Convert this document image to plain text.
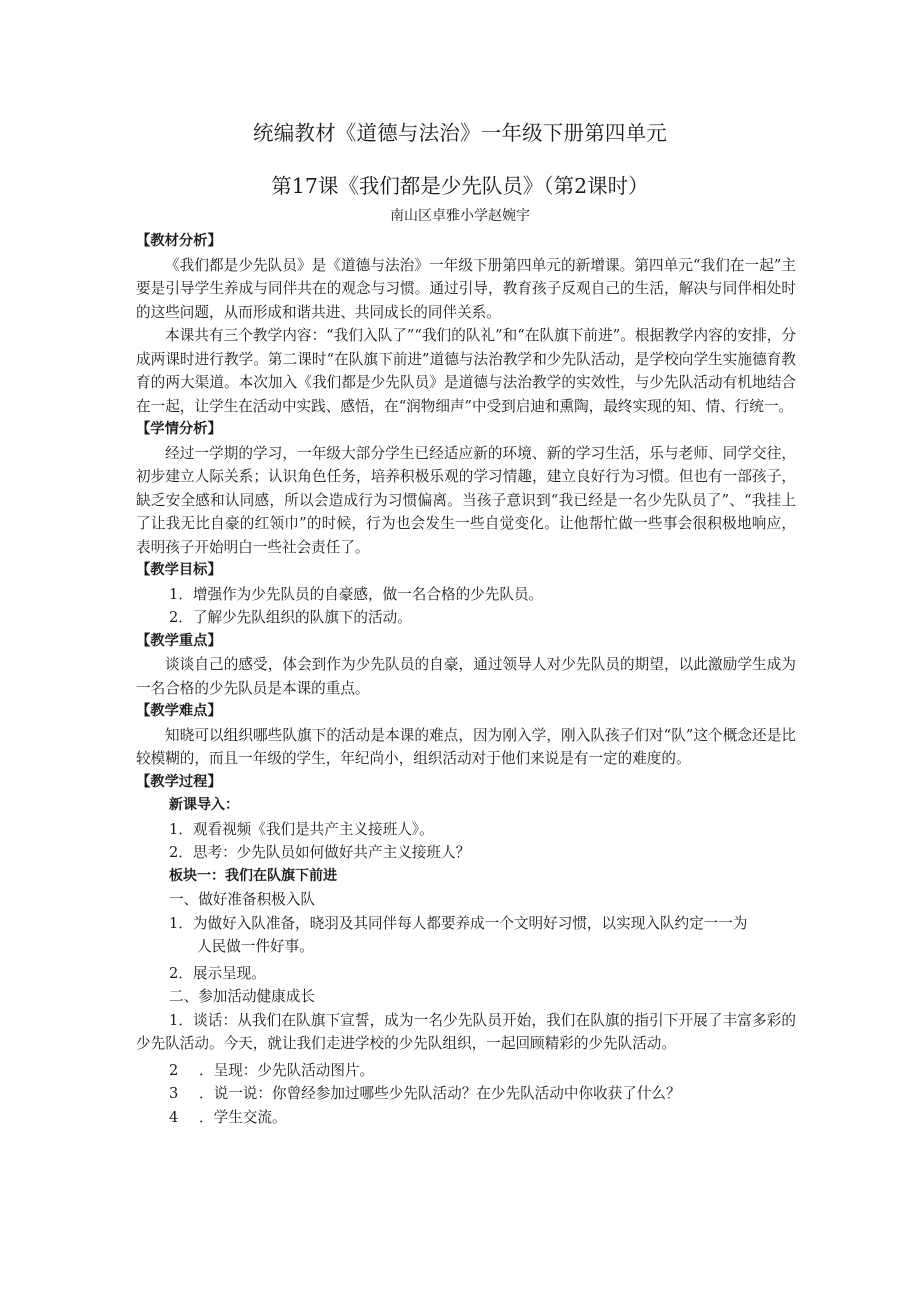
统编教材《道德与法治》一年级下册第四单元
第17课《我们都是少先队员》（第2课时）
南山区卓雅小学赵婉宇

【教材分析】

《我们都是少先队员》是《道德与法治》一年级下册第四单元的新增课。第四单元“我们在一起”主要是引导学生养成与同伴共在的观念与习惯。通过引导，教育孩子反观自己的生活，解决与同伴相处时的这些问题，从而形成和谐共进、共同成长的同伴关系。

本课共有三个教学内容：“我们入队了”“我们的队礼”和“在队旗下前进”。根据教学内容的安排，分成两课时进行教学。第二课时“在队旗下前进”道德与法治教学和少先队活动，是学校向学生实施德育教育的两大渠道。本次加入《我们都是少先队员》是道德与法治教学的实效性，与少先队活动有机地结合在一起，让学生在活动中实践、感悟，在“润物细声”中受到启迪和熏陶，最终实现的知、情、行统一。

【学情分析】

经过一学期的学习，一年级大部分学生已经适应新的环境、新的学习生活，乐与老师、同学交往，初步建立人际关系；认识角色任务，培养积极乐观的学习情趣，建立良好行为习惯。但也有一部孩子，缺乏安全感和认同感，所以会造成行为习惯偏离。当孩子意识到“我已经是一名少先队员了”、“我挂上了让我无比自豪的红领巾”的时候，行为也会发生一些自觉变化。让他帮忙做一些事会很积极地响应，表明孩子开始明白一些社会责任了。

【教学目标】

1．增强作为少先队员的自豪感，做一名合格的少先队员。

2．了解少先队组织的队旗下的活动。

【教学重点】

谈谈自己的感受，体会到作为少先队员的自豪，通过领导人对少先队员的期望，以此激励学生成为一名合格的少先队员是本课的重点。

【教学难点】

知晓可以组织哪些队旗下的活动是本课的难点，因为刚入学，刚入队孩子们对“队”这个概念还是比较模糊的，而且一年级的学生，年纪尚小，组织活动对于他们来说是有一定的难度的。

【教学过程】

新课导入：

1．观看视频《我们是共产主义接班人》。

2．思考：少先队员如何做好共产主义接班人？

板块一：我们在队旗下前进

一、做好准备积极入队

1．为做好入队准备，晓羽及其同伴每人都要养成一个文明好习惯，以实现入队约定一一为

人民做一件好事。

2．展示呈现。

二、参加活动健康成长

1．谈话：从我们在队旗下宣誓，成为一名少先队员开始，我们在队旗的指引下开展了丰富多彩的少先队活动。今天，就让我们走进学校的少先队组织，一起回顾精彩的少先队活动。

2 ．呈现：少先队活动图片。

3 ．说一说：你曾经参加过哪些少先队活动？在少先队活动中你收获了什么？

4 ．学生交流。
